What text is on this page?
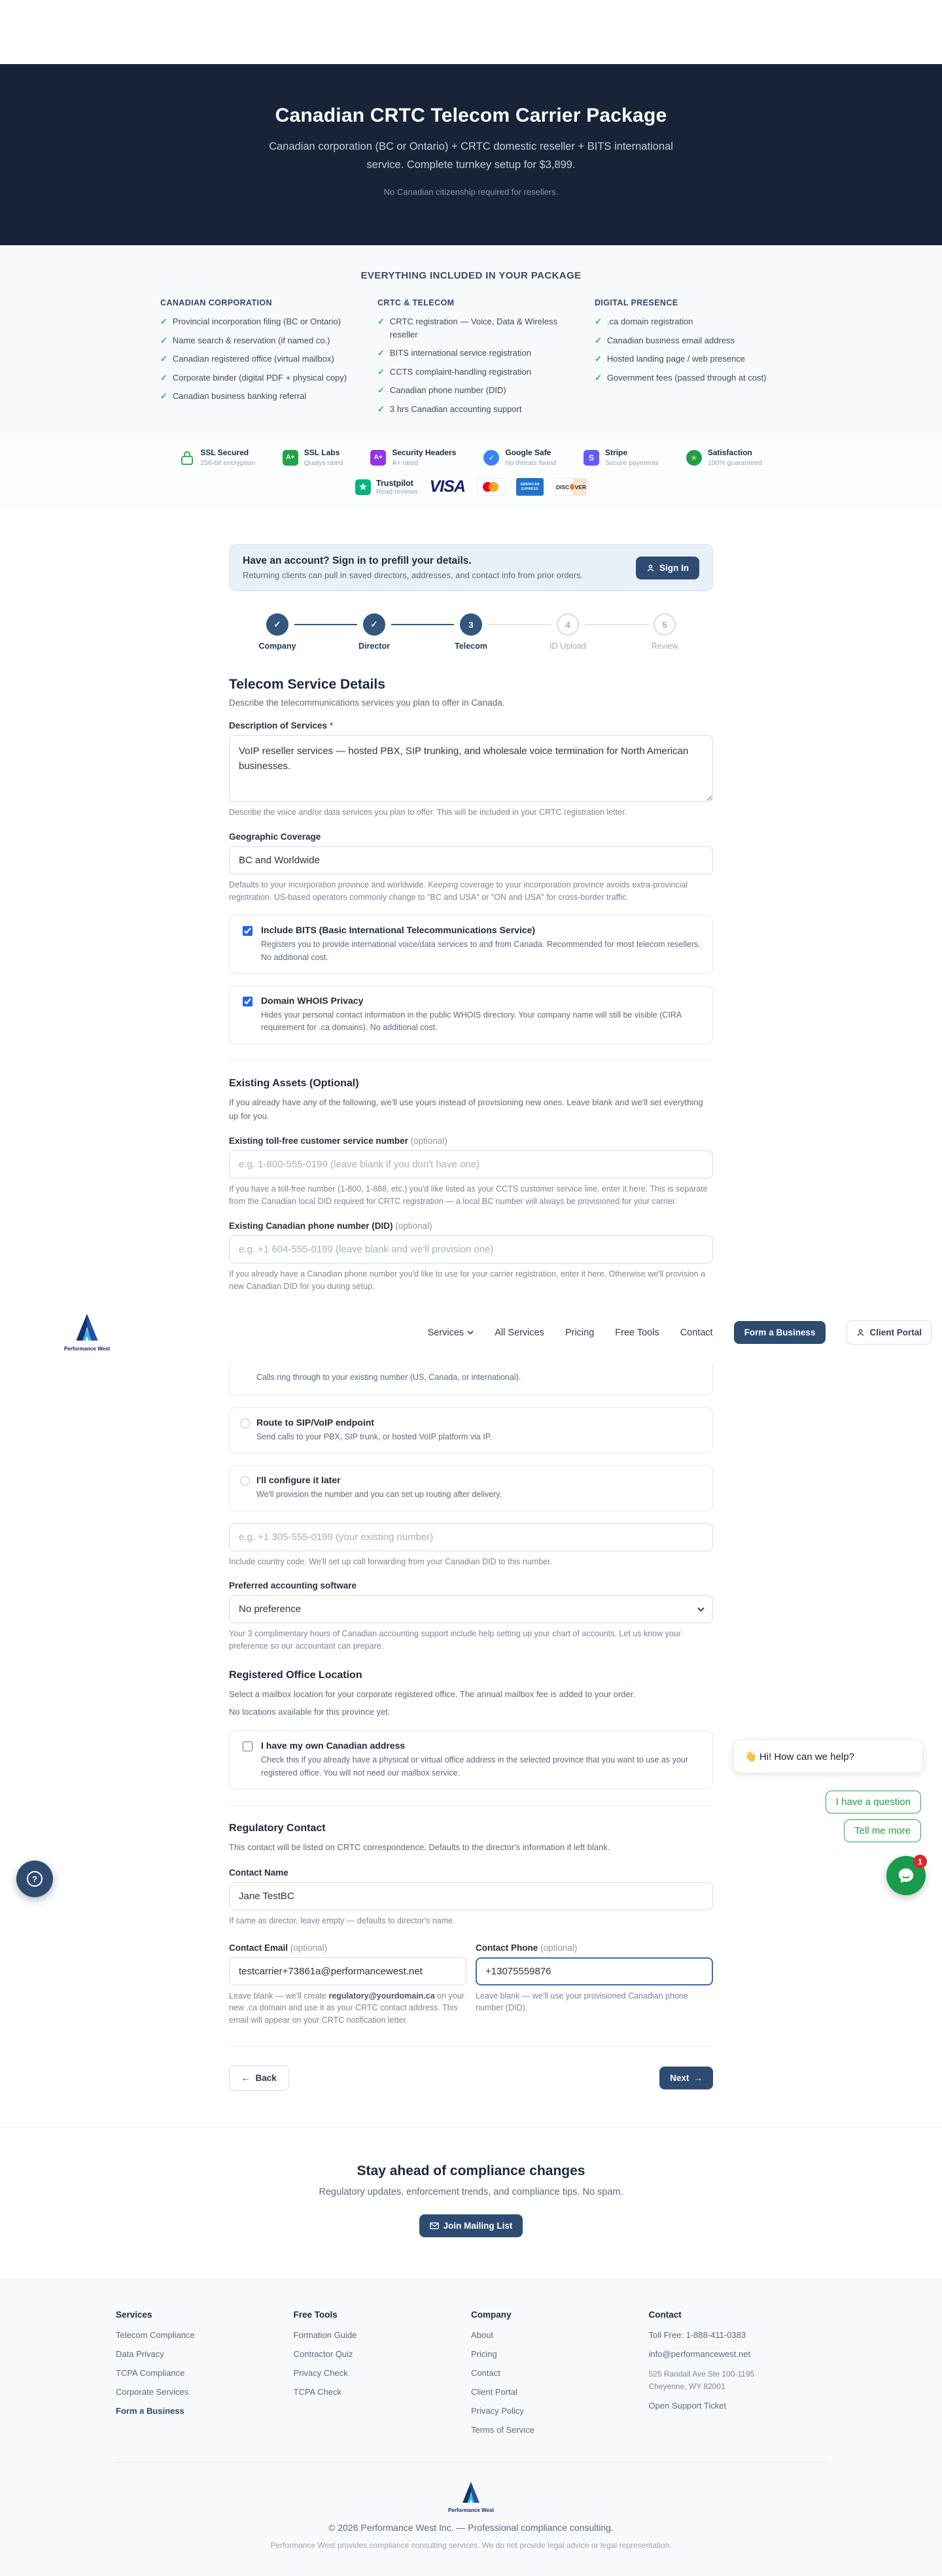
Canadian CRTC Telecom Carrier Package
Canadian corporation (BC or Ontario) + CRTC domestic reseller + BITS international service. Complete turnkey setup for $3,899.
No Canadian citizenship required for resellers.
EVERYTHING INCLUDED IN YOUR PACKAGE
CANADIAN CORPORATION
✓ Provincial incorporation filing (BC or Ontario)
✓ Name search & reservation (if named co.)
✓ Canadian registered office (virtual mailbox)
✓ Corporate binder (digital PDF + physical copy)
✓ Canadian business banking referral
CRTC & TELECOM
✓ CRTC registration — Voice, Data & Wireless reseller
✓ BITS international service registration
✓ CCTS complaint-handling registration
✓ Canadian phone number (DID)
✓ 3 hrs Canadian accounting support
DIGITAL PRESENCE
✓ .ca domain registration
✓ Canadian business email address
✓ Hosted landing page / web presence
✓ Government fees (passed through at cost)
SSL Secured
256-bit encryption
A+
SSL Labs
Qualys rated
A+
Security Headers
A+ rated
✓
Google Safe
No threats found
S
Stripe
Secure payments
★
Satisfaction
100% guaranteed
★	Trustpilot
Read reviews VISA	AMERICAN
EXPRESS	DISC VER
Have an account? Sign in to prefill your details.
Returning clients can pull in saved directors, addresses, and contact info from prior orders.
Sign In
✓
Company
✓
Director
3
Telecom
4
ID Upload
5
Review
Telecom Service Details

Describe the telecommunications services you plan to offer in Canada.

Description of Services *
VoIP reseller services — hosted PBX, SIP trunking, and wholesale voice termination for North American businesses.
Describe the voice and/or data services you plan to offer. This will be included in your CRTC registration letter.
Geographic Coverage
BC and Worldwide
Defaults to your incorporation province and worldwide. Keeping coverage to your incorporation province avoids extra-provincial registration. US-based operators commonly change to "BC and USA" or "ON and USA" for cross-border traffic.
Include BITS (Basic International Telecommunications Service)
Registers you to provide international voice/data services to and from Canada. Recommended for most telecom resellers. No additional cost.
Domain WHOIS Privacy
Hides your personal contact information in the public WHOIS directory. Your company name will still be visible (CIRA requirement for .ca domains). No additional cost.
Existing Assets (Optional)

If you already have any of the following, we'll use yours instead of provisioning new ones. Leave blank and we'll set everything up for you.

Existing toll-free customer service number (optional)
e.g. 1-800-555-0199 (leave blank if you don't have one)
If you have a toll-free number (1-800, 1-888, etc.) you'd like listed as your CCTS customer service line, enter it here. This is separate from the Canadian local DID required for CRTC registration — a local BC number will always be provisioned for your carrier.
Existing Canadian phone number (DID) (optional)
e.g. +1 604-555-0199 (leave blank and we'll provision one)
If you already have a Canadian phone number you'd like to use for your carrier registration, enter it here. Otherwise we'll provision a new Canadian DID for you during setup.
Performance West
Services	All Services Pricing Free Tools Contact	Form a Business	Client Portal
Calls ring through to your existing number (US, Canada, or international).
Route to SIP/VoIP endpoint
Send calls to your PBX, SIP trunk, or hosted VoIP platform via IP.
I'll configure it later
We'll provision the number and you can set up routing after delivery.
e.g. +1 305-555-0199 (your existing number)
Include country code. We'll set up call forwarding from your Canadian DID to this number.
Preferred accounting software
No preference
Your 3 complimentary hours of Canadian accounting support include help setting up your chart of accounts. Let us know your preference so our accountant can prepare.
Registered Office Location

Select a mailbox location for your corporate registered office. The annual mailbox fee is added to your order.

No locations available for this province yet.

I have my own Canadian address
Check this if you already have a physical or virtual office address in the selected province that you want to use as your registered office. You will not need our mailbox service.
Regulatory Contact

This contact will be listed on CRTC correspondence. Defaults to the director's information if left blank.

Contact Name
Jane TestBC
If same as director, leave empty — defaults to director's name.
Contact Email (optional)
testcarrier+73861a@performancewest.net
Leave blank — we'll create regulatory@yourdomain.ca on your new .ca domain and use it as your CRTC contact address. This email will appear on your CRTC notification letter.
Contact Phone (optional)
+13075559876
Leave blank — we'll use your provisioned Canadian phone number (DID).
← Back	Next →
Stay ahead of compliance changes

Regulatory updates, enforcement trends, and compliance tips. No spam.

Join Mailing List
Services
Telecom Compliance
Data Privacy
TCPA Compliance
Corporate Services
Form a Business
Free Tools
Formation Guide
Contractor Quiz
Privacy Check
TCPA Check
Company
About
Pricing
Contact
Client Portal
Privacy Policy
Terms of Service
Contact
Toll Free: 1-888-411-0383
info@performancewest.net
525 Randall Ave Ste 100-1195
Cheyenne, WY 82001
Open Support Ticket
Performance West
© 2026 Performance West Inc. — Professional compliance consulting.
Performance West provides compliance consulting services. We do not provide legal advice or legal representation.
?
👋 Hi! How can we help?
I have a question
Tell me more
1
